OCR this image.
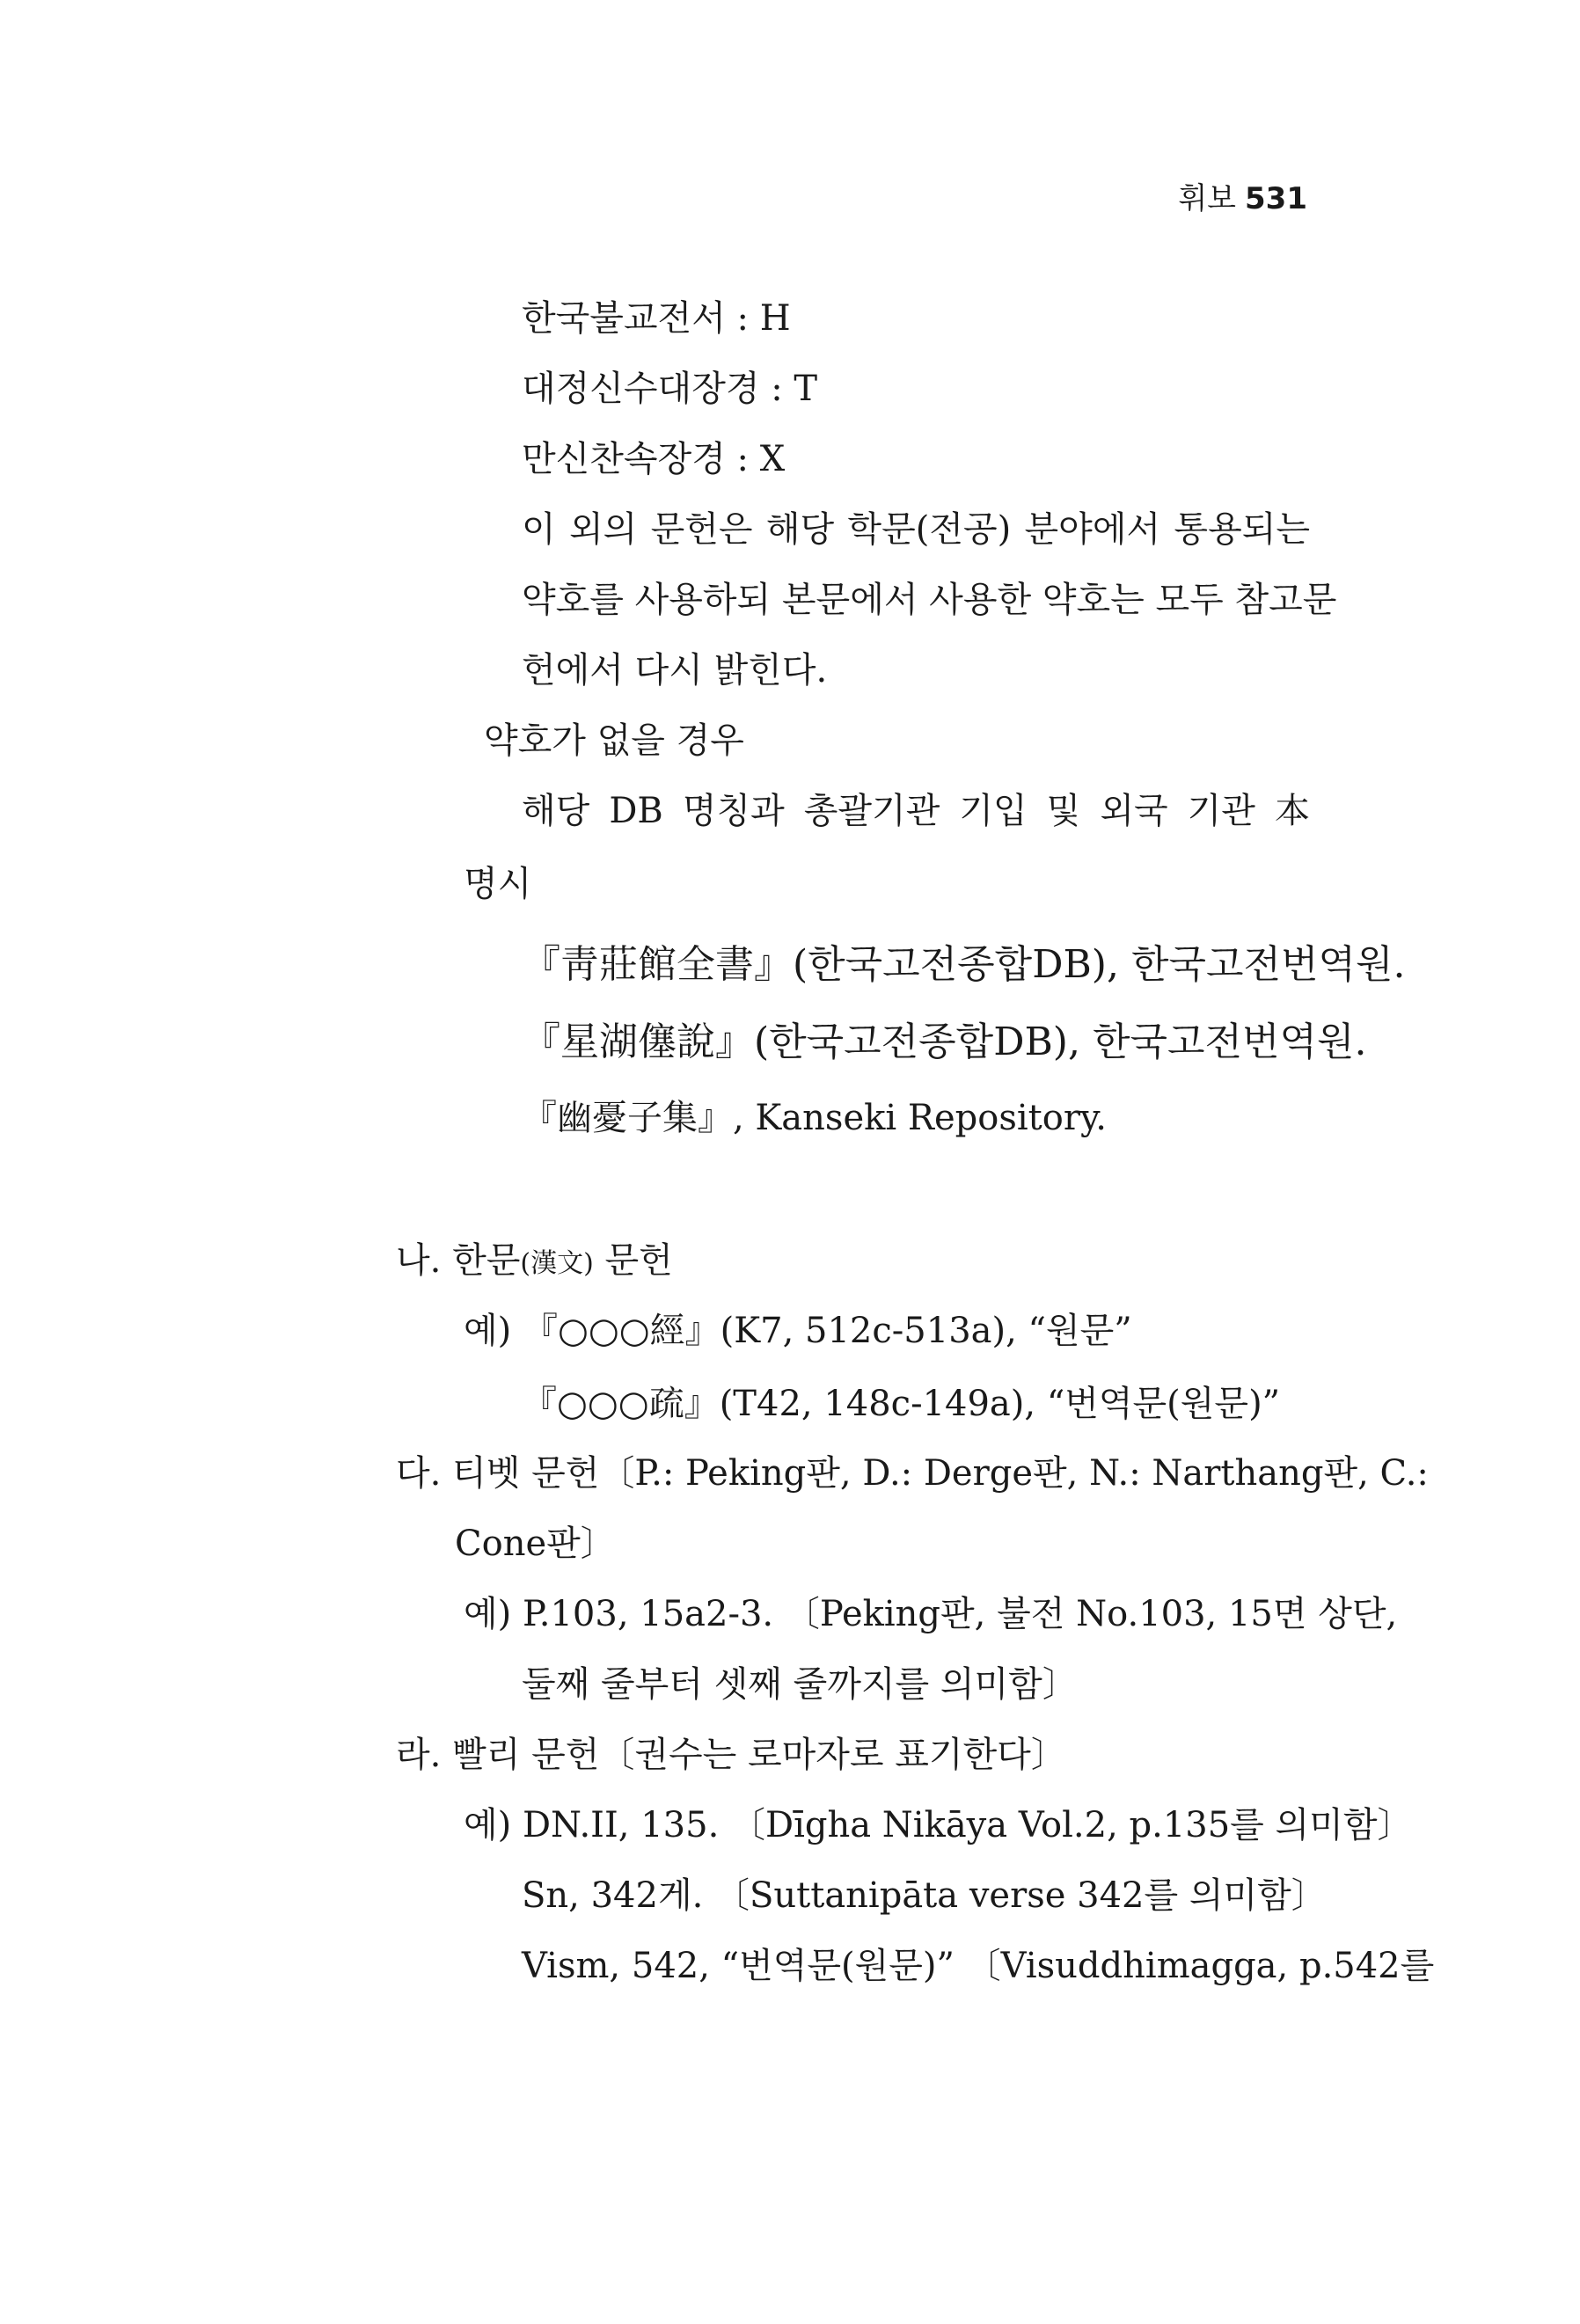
휘보 531
한국불교전서 : H
대정신수대장경 : T
만신찬속장경 : X
이 외의 문헌은 해당 학문(전공) 분야에서 통용되는
약호를 사용하되 본문에서 사용한 약호는 모두 참고문
헌에서 다시 밝힌다.
약호가 없을 경우
해당 DB 명칭과 총괄기관 기입 및 외국 기관 本
명시
『靑莊館全書』(한국고전종합DB), 한국고전번역원.
『星湖僿說』(한국고전종합DB), 한국고전번역원.
『幽憂子集』, Kanseki Repository.
나. 한문(漢文) 문헌
예) 『○○○經』(K7, 512c-513a), “원문”
『○○○疏』(T42, 148c-149a), “번역문(원문)”
다. 티벳 문헌〔P.: Peking판, D.: Derge판, N.: Narthang판, C.:
Cone판〕
예) P.103, 15a2-3. 〔Peking판, 불전 No.103, 15면 상단,
둘째 줄부터 셋째 줄까지를 의미함〕
라. 빨리 문헌〔권수는 로마자로 표기한다〕
예) DN.II, 135. 〔Dīgha Nikāya Vol.2, p.135를 의미함〕
Sn, 342게. 〔Suttanipāta verse 342를 의미함〕
Vism, 542, “번역문(원문)” 〔Visuddhimagga, p.542를
